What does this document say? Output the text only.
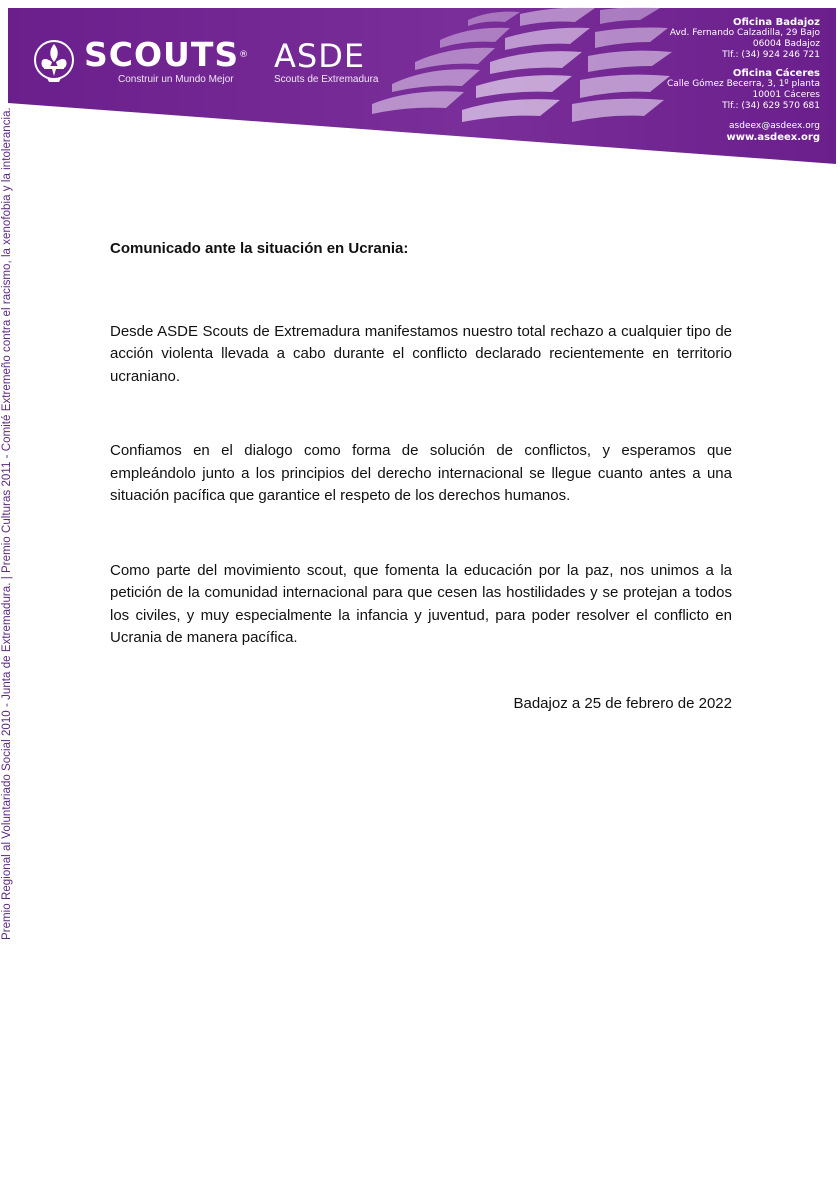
SCOUTS®
Construir un Mundo Mejor
ASDE
Scouts de Extremadura
Oficina Badajoz
Avd. Fernando Calzadilla, 29 Bajo
06004 Badajoz
Tlf.: (34) 924 246 721
Oficina Cáceres
Calle Gómez Becerra, 3, 1º planta
10001 Cáceres
Tlf.: (34) 629 570 681
asdeex@asdeex.org
www.asdeex.org
Premio Regional al Voluntariado Social 2010 - Junta de Extremadura. | Premio Culturas 2011 - Comité Extremeño contra el racismo, la xenofobia y la intolerancia.	Comunicado ante la situación en Ucrania:

Desde ASDE Scouts de Extremadura manifestamos nuestro total rechazo a cualquier tipo de acción violenta llevada a cabo durante el conflicto declarado recientemente en territorio ucraniano.

Confiamos en el dialogo como forma de solución de conflictos, y esperamos que empleándolo junto a los principios del derecho internacional se llegue cuanto antes a una situación pacífica que garantice el respeto de los derechos humanos.

Como parte del movimiento scout, que fomenta la educación por la paz, nos unimos a la petición de la comunidad internacional para que cesen las hostilidades y se protejan a todos los civiles, y muy especialmente la infancia y juventud, para poder resolver el conflicto en Ucrania de manera pacífica.

Badajoz a 25 de febrero de 2022
